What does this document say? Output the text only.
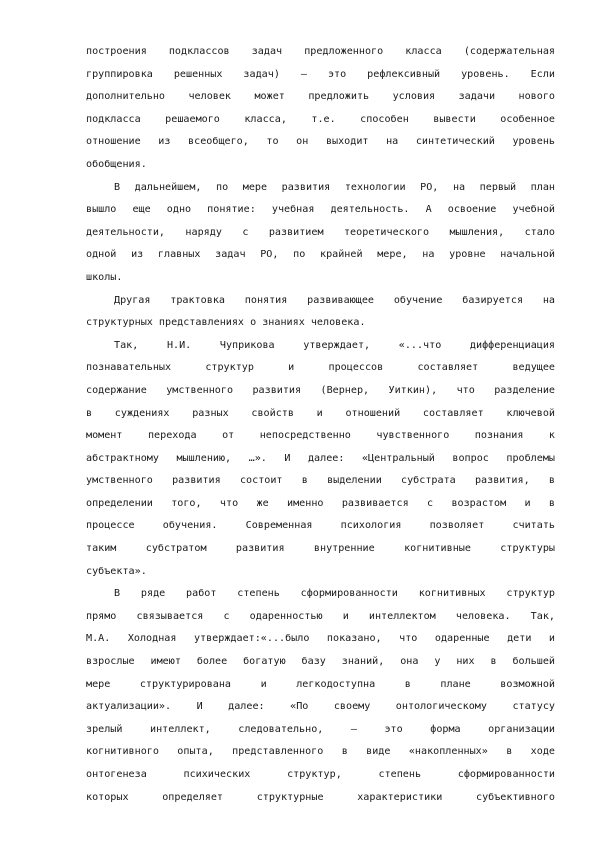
построения подклассов задач предложенного класса (содержательная
группировка решенных задач) – это рефлексивный уровень. Если
дополнительно человек может предложить условия задачи нового
подкласса решаемого класса, т.е. способен вывести особенное
отношение из всеобщего, то он выходит на синтетический уровень
обобщения.
В дальнейшем, по мере развития технологии РО, на первый план
вышло еще одно понятие: учебная деятельность. А освоение учебной
деятельности, наряду с развитием теоретического мышления, стало
одной из главных задач РО, по крайней мере, на уровне начальной
школы.
Другая трактовка понятия развивающее обучение базируется на
структурных представлениях о знаниях человека.
Так, Н.И. Чуприкова утверждает, «...что дифференциация
познавательных структур и процессов составляет ведущее
содержание умственного развития (Вернер, Уиткин), что разделение
в суждениях разных свойств и отношений составляет ключевой
момент перехода от непосредственно чувственного познания к
абстрактному мышлению, …». И далее: «Центральный вопрос проблемы
умственного развития состоит в выделении субстрата развития, в
определении того, что же именно развивается с возрастом и в
процессе обучения. Современная психология позволяет считать
таким субстратом развития внутренние когнитивные структуры
субъекта».
В ряде работ степень сформированности когнитивных структур
прямо связывается с одаренностью и интеллектом человека. Так,
М.А. Холодная утверждает:«...было показано, что одаренные дети и
взрослые имеют более богатую базу знаний, она у них в большей
мере структурирована и легкодоступна в плане возможной
актуализации». И далее: «По своему онтологическому статусу
зрелый интеллект, следовательно, – это форма организации
когнитивного опыта, представленного в виде «накопленных» в ходе
онтогенеза психических структур, степень сформированности
которых определяет структурные характеристики субъективного
